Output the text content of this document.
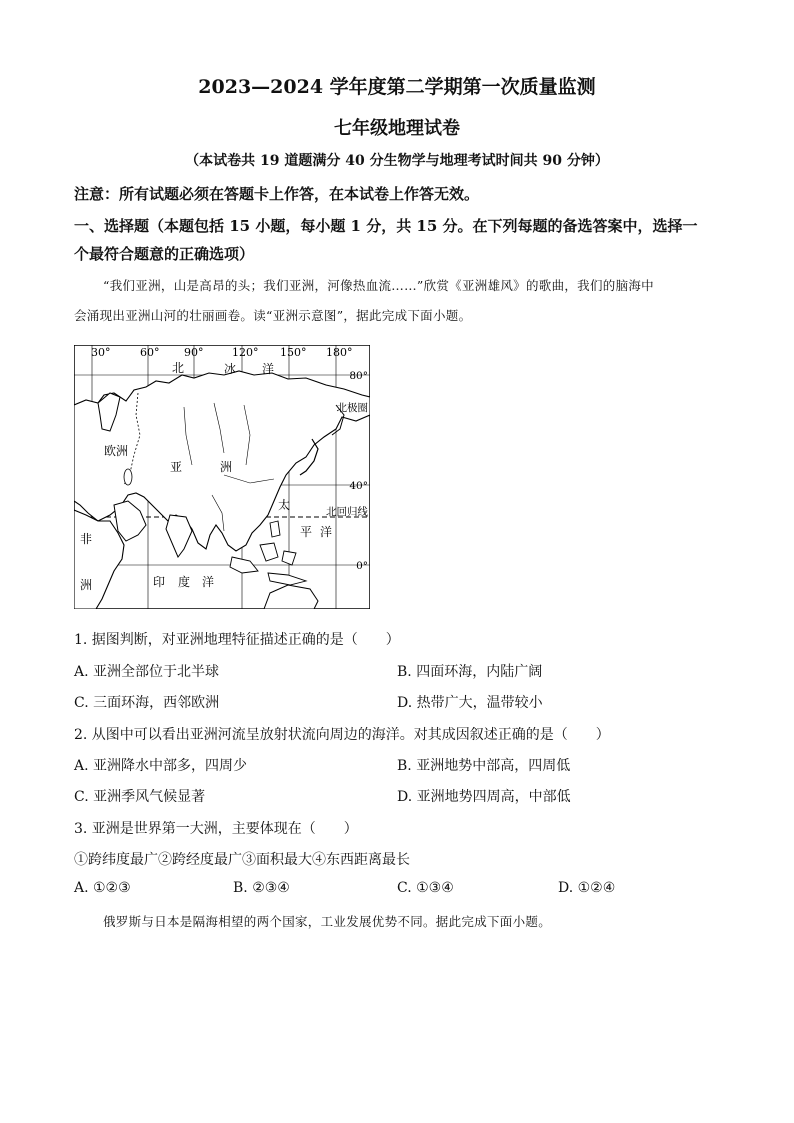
2023—2024 学年度第二学期第一次质量监测
七年级地理试卷
（本试卷共 19 道题满分 40 分生物学与地理考试时间共 90 分钟）
注意：所有试题必须在答题卡上作答，在本试卷上作答无效。
一、选择题（本题包括 15 小题，每小题 1 分，共 15 分。在下列每题的备选答案中，选择一
个最符合题意的正确选项）
“我们亚洲，山是高昂的头；我们亚洲，河像热血流……”欣赏《亚洲雄风》的歌曲，我们的脑海中
会涌现出亚洲山河的壮丽画卷。读“亚洲示意图”，据此完成下面小题。
30°	60° 90°	120° 150° 180°
80°
北极圈
40°
北回归线
0°
北	冰 洋
欧洲
亚	洲
非
洲
太
平 洋
印 度 洋
1. 据图判断，对亚洲地理特征描述正确的是（　　）
A. 亚洲全部位于北半球	B. 四面环海，内陆广阔
C. 三面环海，西邻欧洲	D. 热带广大，温带较小
2. 从图中可以看出亚洲河流呈放射状流向周边的海洋。对其成因叙述正确的是（　　）
A. 亚洲降水中部多，四周少	B. 亚洲地势中部高，四周低
C. 亚洲季风气候显著	D. 亚洲地势四周高，中部低
3. 亚洲是世界第一大洲，主要体现在（　　）
①跨纬度最广②跨经度最广③面积最大④东西距离最长
A. ①②③	B. ②③④	C. ①③④	D. ①②④
俄罗斯与日本是隔海相望的两个国家，工业发展优势不同。据此完成下面小题。
